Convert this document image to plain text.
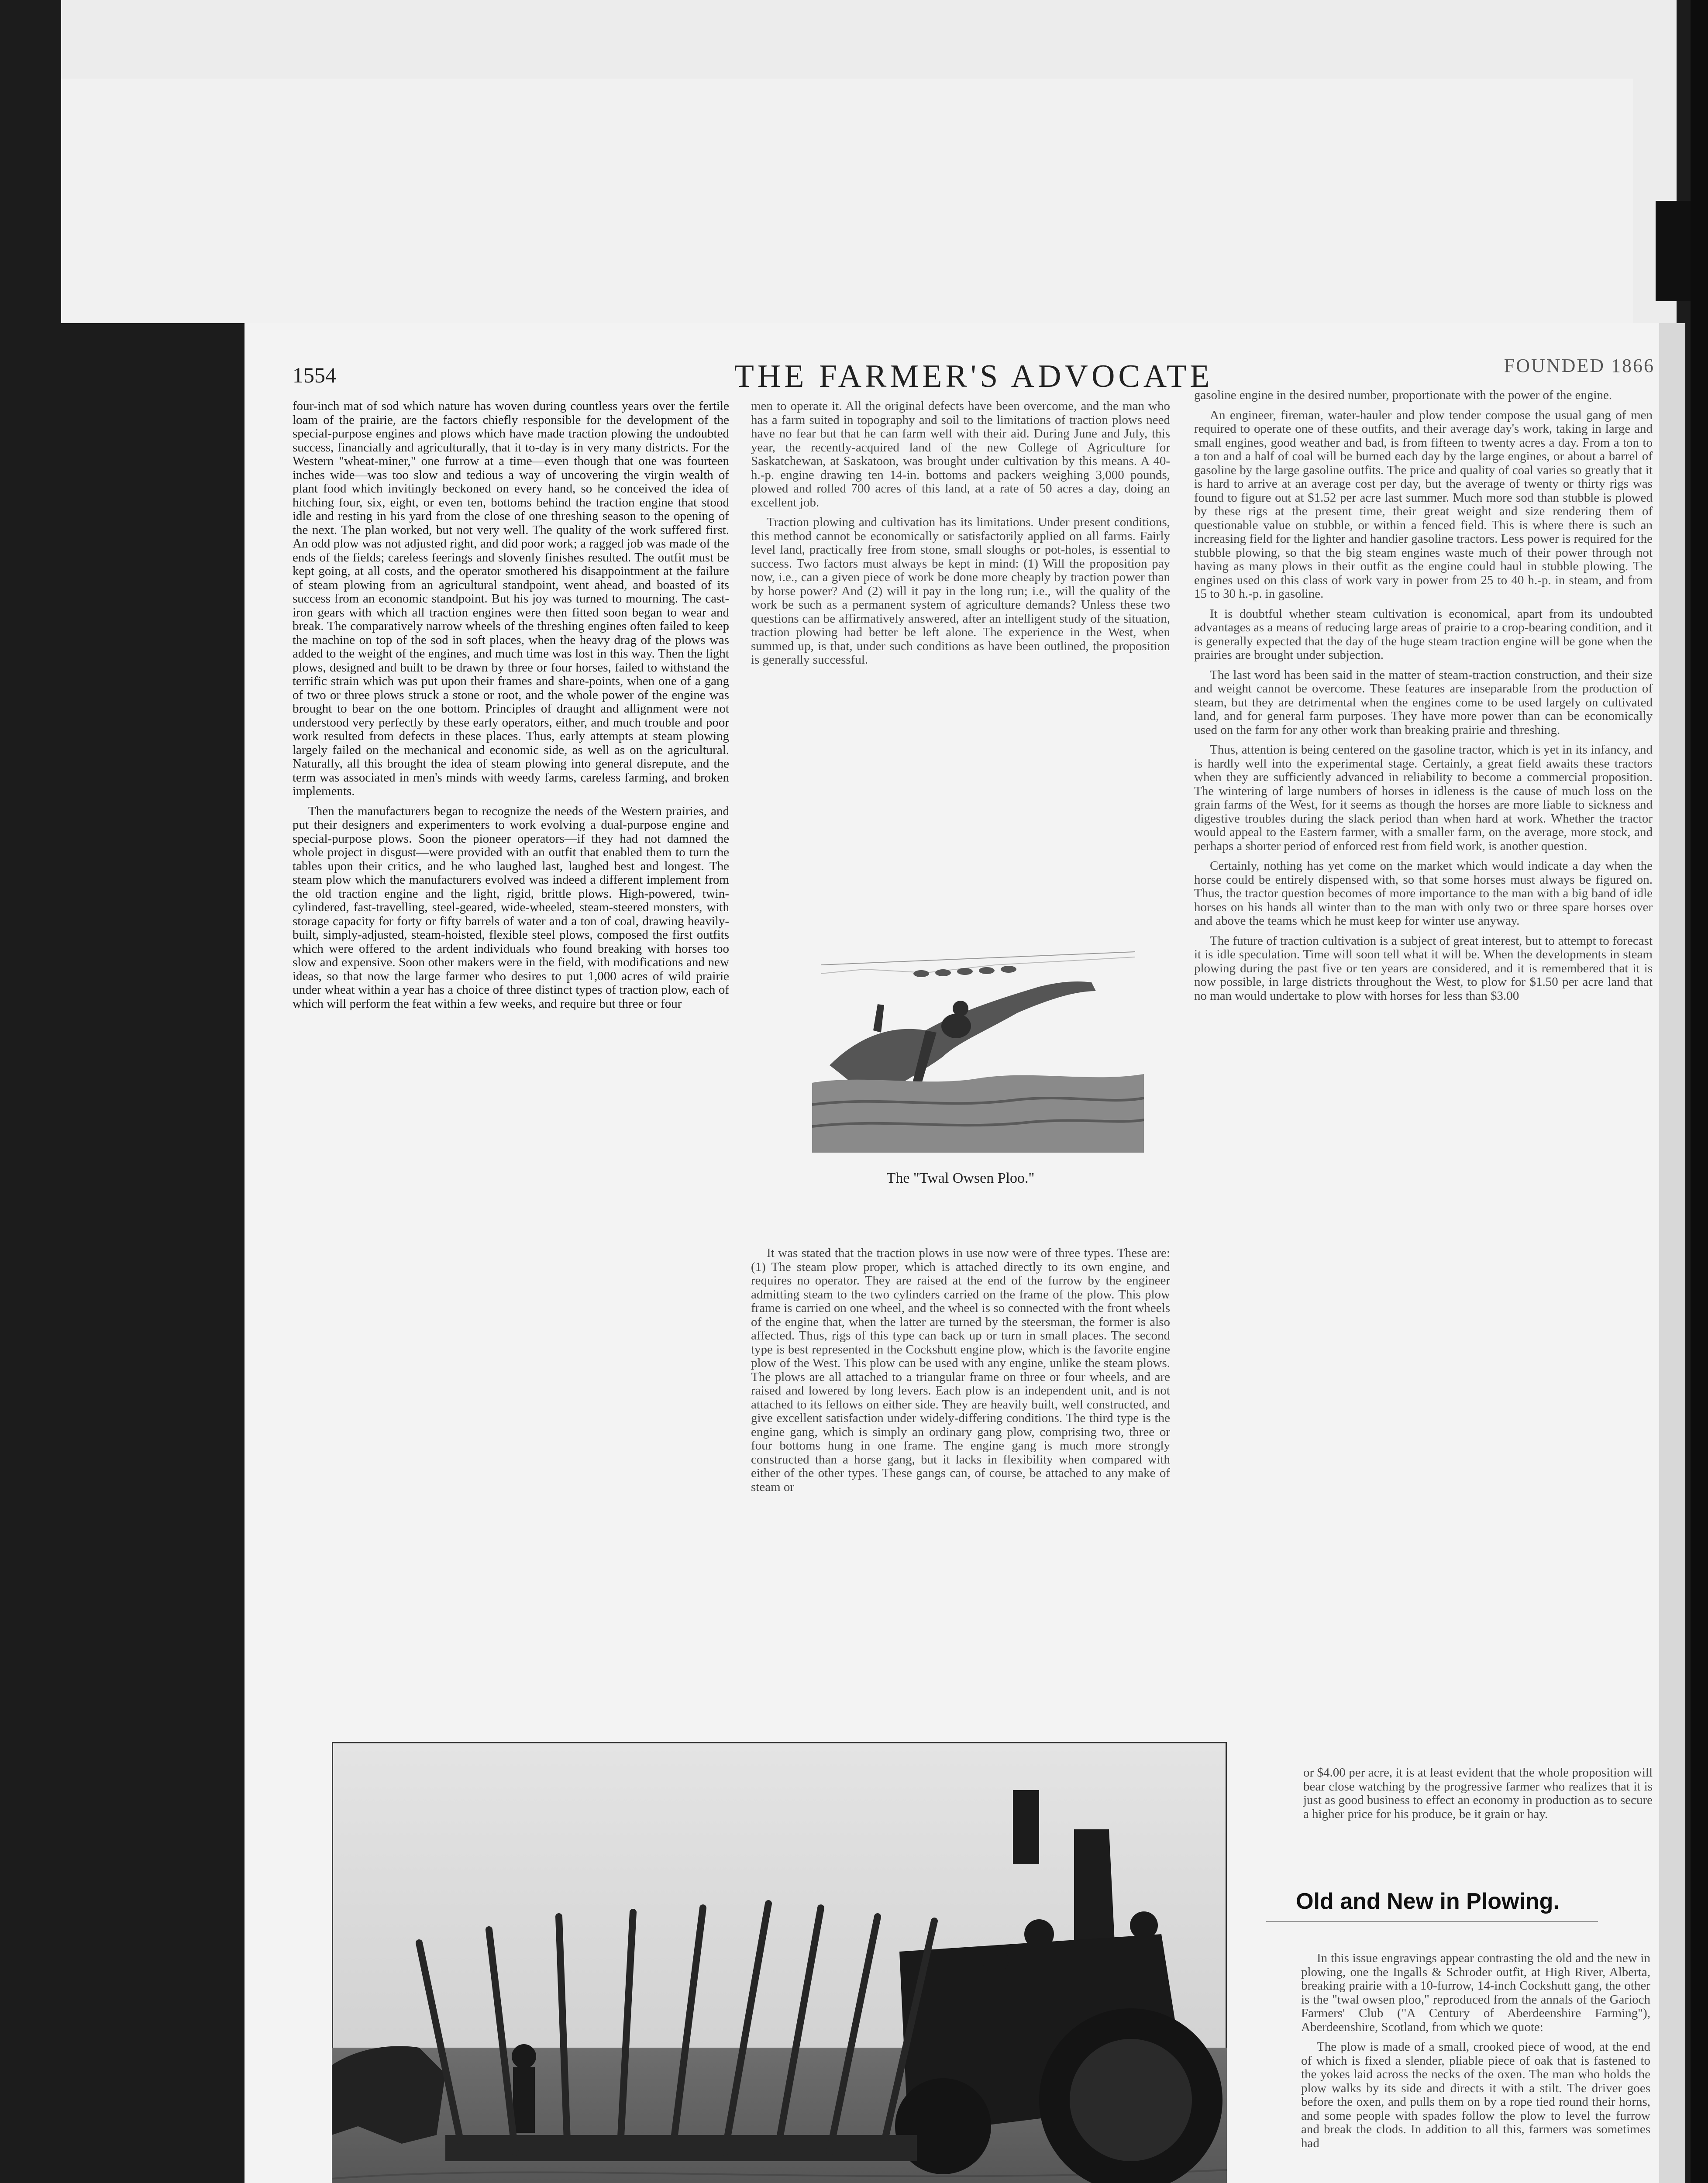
1554	THE FARMER'S ADVOCATE	FOUNDED 1866

four-inch mat of sod which nature has woven during countless years over the fertile loam of the prairie, are the factors chiefly responsible for the development of the special-purpose engines and plows which have made traction plowing the undoubted success, financially and agriculturally, that it to-day is in very many districts. For the Western "wheat-miner," one furrow at a time—even though that one was fourteen inches wide—was too slow and tedious a way of uncovering the virgin wealth of plant food which invitingly beckoned on every hand, so he conceived the idea of hitching four, six, eight, or even ten, bottoms behind the traction engine that stood idle and resting in his yard from the close of one threshing season to the opening of the next. The plan worked, but not very well. The quality of the work suffered first. An odd plow was not adjusted right, and did poor work; a ragged job was made of the ends of the fields; careless feerings and slovenly finishes resulted. The outfit must be kept going, at all costs, and the operator smothered his disappointment at the failure of steam plowing from an agricultural standpoint, went ahead, and boasted of its success from an economic standpoint. But his joy was turned to mourning. The cast-iron gears with which all traction engines were then fitted soon began to wear and break. The comparatively narrow wheels of the threshing engines often failed to keep the machine on top of the sod in soft places, when the heavy drag of the plows was added to the weight of the engines, and much time was lost in this way. Then the light plows, designed and built to be drawn by three or four horses, failed to withstand the terrific strain which was put upon their frames and share-points, when one of a gang of two or three plows struck a stone or root, and the whole power of the engine was brought to bear on the one bottom. Principles of draught and allignment were not understood very perfectly by these early operators, either, and much trouble and poor work resulted from defects in these places. Thus, early attempts at steam plowing largely failed on the mechanical and economic side, as well as on the agricultural. Naturally, all this brought the idea of steam plowing into general disrepute, and the term was associated in men's minds with weedy farms, careless farming, and broken implements.

Then the manufacturers began to recognize the needs of the Western prairies, and put their designers and experimenters to work evolving a dual-purpose engine and special-purpose plows. Soon the pioneer operators—if they had not damned the whole project in disgust—were provided with an outfit that enabled them to turn the tables upon their critics, and he who laughed last, laughed best and longest. The steam plow which the manufacturers evolved was indeed a different implement from the old traction engine and the light, rigid, brittle plows. High-powered, twin-cylindered, fast-travelling, steel-geared, wide-wheeled, steam-steered monsters, with storage capacity for forty or fifty barrels of water and a ton of coal, drawing heavily-built, simply-adjusted, steam-hoisted, flexible steel plows, composed the first outfits which were offered to the ardent individuals who found breaking with horses too slow and expensive. Soon other makers were in the field, with modifications and new ideas, so that now the large farmer who desires to put 1,000 acres of wild prairie under wheat within a year has a choice of three distinct types of traction plow, each of which will perform the feat within a few weeks, and require but three or four

men to operate it. All the original defects have been overcome, and the man who has a farm suited in topography and soil to the limitations of traction plows need have no fear but that he can farm well with their aid. During June and July, this year, the recently-acquired land of the new College of Agriculture for Saskatchewan, at Saskatoon, was brought under cultivation by this means. A 40-h.-p. engine drawing ten 14-in. bottoms and packers weighing 3,000 pounds, plowed and rolled 700 acres of this land, at a rate of 50 acres a day, doing an excellent job.

Traction plowing and cultivation has its limitations. Under present conditions, this method cannot be economically or satisfactorily applied on all farms. Fairly level land, practically free from stone, small sloughs or pot-holes, is essential to success. Two factors must always be kept in mind: (1) Will the proposition pay now, i.e., can a given piece of work be done more cheaply by traction power than by horse power? And (2) will it pay in the long run; i.e., will the quality of the work be such as a permanent system of agriculture demands? Unless these two questions can be affirmatively answered, after an intelligent study of the situation, traction plowing had better be left alone. The experience in the West, when summed up, is that, under such conditions as have been outlined, the proposition is generally successful.

The "Twal Owsen Ploo."

It was stated that the traction plows in use now were of three types. These are: (1) The steam plow proper, which is attached directly to its own engine, and requires no operator. They are raised at the end of the furrow by the engineer admitting steam to the two cylinders carried on the frame of the plow. This plow frame is carried on one wheel, and the wheel is so connected with the front wheels of the engine that, when the latter are turned by the steersman, the former is also affected. Thus, rigs of this type can back up or turn in small places. The second type is best represented in the Cockshutt engine plow, which is the favorite engine plow of the West. This plow can be used with any engine, unlike the steam plows. The plows are all attached to a triangular frame on three or four wheels, and are raised and lowered by long levers. Each plow is an independent unit, and is not attached to its fellows on either side. They are heavily built, well constructed, and give excellent satisfaction under widely-differing conditions. The third type is the engine gang, which is simply an ordinary gang plow, comprising two, three or four bottoms hung in one frame. The engine gang is much more strongly constructed than a horse gang, but it lacks in flexibility when compared with either of the other types. These gangs can, of course, be attached to any make of steam or

gasoline engine in the desired number, proportionate with the power of the engine.

An engineer, fireman, water-hauler and plow tender compose the usual gang of men required to operate one of these outfits, and their average day's work, taking in large and small engines, good weather and bad, is from fifteen to twenty acres a day. From a ton to a ton and a half of coal will be burned each day by the large engines, or about a barrel of gasoline by the large gasoline outfits. The price and quality of coal varies so greatly that it is hard to arrive at an average cost per day, but the average of twenty or thirty rigs was found to figure out at $1.52 per acre last summer. Much more sod than stubble is plowed by these rigs at the present time, their great weight and size rendering them of questionable value on stubble, or within a fenced field. This is where there is such an increasing field for the lighter and handier gasoline tractors. Less power is required for the stubble plowing, so that the big steam engines waste much of their power through not having as many plows in their outfit as the engine could haul in stubble plowing. The engines used on this class of work vary in power from 25 to 40 h.-p. in steam, and from 15 to 30 h.-p. in gasoline.

It is doubtful whether steam cultivation is economical, apart from its undoubted advantages as a means of reducing large areas of prairie to a crop-bearing condition, and it is generally expected that the day of the huge steam traction engine will be gone when the prairies are brought under subjection.

The last word has been said in the matter of steam-traction construction, and their size and weight cannot be overcome. These features are inseparable from the production of steam, but they are detrimental when the engines come to be used largely on cultivated land, and for general farm purposes. They have more power than can be economically used on the farm for any other work than breaking prairie and threshing.

Thus, attention is being centered on the gasoline tractor, which is yet in its infancy, and is hardly well into the experimental stage. Certainly, a great field awaits these tractors when they are sufficiently advanced in reliability to become a commercial proposition. The wintering of large numbers of horses in idleness is the cause of much loss on the grain farms of the West, for it seems as though the horses are more liable to sickness and digestive troubles during the slack period than when hard at work. Whether the tractor would appeal to the Eastern farmer, with a smaller farm, on the average, more stock, and perhaps a shorter period of enforced rest from field work, is another question.

Certainly, nothing has yet come on the market which would indicate a day when the horse could be entirely dispensed with, so that some horses must always be figured on. Thus, the tractor question becomes of more importance to the man with a big band of idle horses on his hands all winter than to the man with only two or three spare horses over and above the teams which he must keep for winter use anyway.

The future of traction cultivation is a subject of great interest, but to attempt to forecast it is idle speculation. Time will soon tell what it will be. When the developments in steam plowing during the past five or ten years are considered, and it is remembered that it is now possible, in large districts throughout the West, to plow for $1.50 per acre land that no man would undertake to plow with horses for less than $3.00

or $4.00 per acre, it is at least evident that the whole proposition will bear close watching by the progressive farmer who realizes that it is just as good business to effect an economy in production as to secure a higher price for his produce, be it grain or hay.

Old and New in Plowing.

In this issue engravings appear contrasting the old and the new in plowing, one the Ingalls & Schroder outfit, at High River, Alberta, breaking prairie with a 10-furrow, 14-inch Cockshutt gang, the other is the "twal owsen ploo," reproduced from the annals of the Garioch Farmers' Club ("A Century of Aberdeenshire Farming"), Aberdeenshire, Scotland, from which we quote:

The plow is made of a small, crooked piece of wood, at the end of which is fixed a slender, pliable piece of oak that is fastened to the yokes laid across the necks of the oxen. The man who holds the plow walks by its side and directs it with a stilt. The driver goes before the oxen, and pulls them on by a rope tied round their horns, and some people with spades follow the plow to level the furrow and break the clods. In addition to all this, farmers was sometimes had
